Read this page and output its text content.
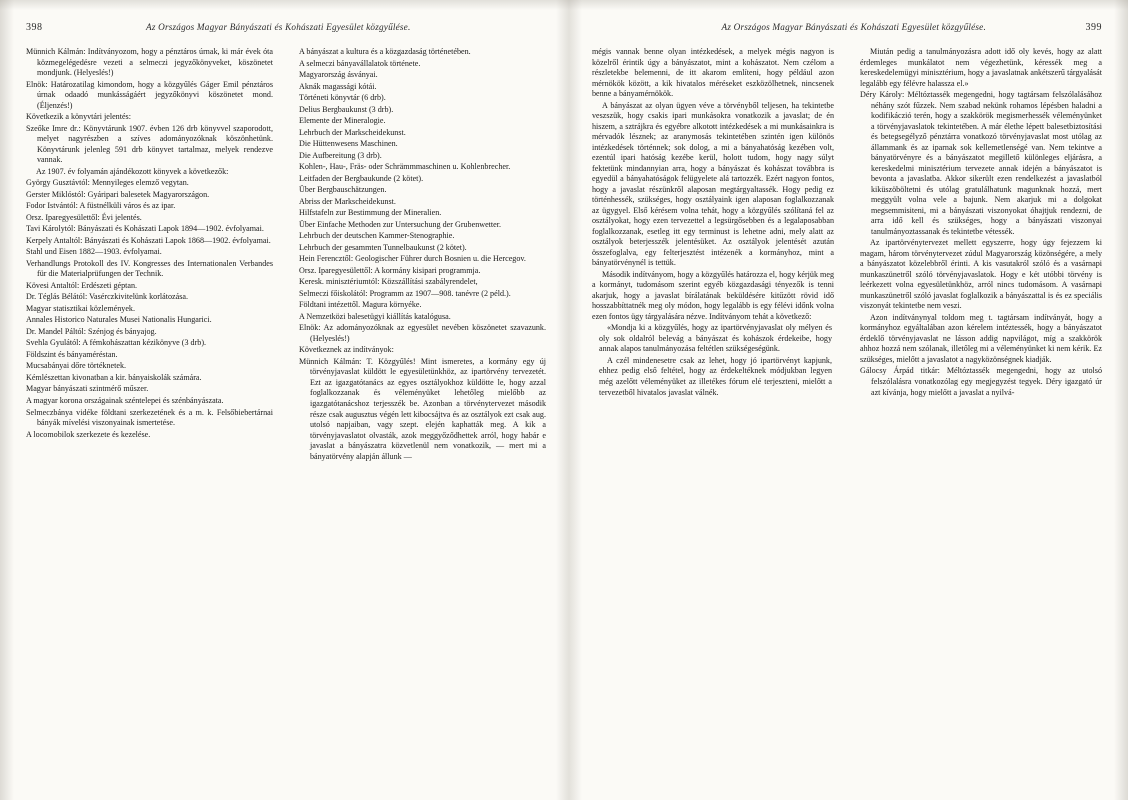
398	Az Országos Magyar Bányászati és Kohászati Egyesület közgyűlése.

Münnich Kálmán: Indítványozom, hogy a pénztáros úrnak, ki már évek óta közmegelégedésre vezeti a selmeczi jegyzőkönyveket, köszönetet mondjunk. (Helyeslés!)

Elnök: Határozatilag kimondom, hogy a közgyűlés Gáger Emil pénztáros úrnak odaadó munkásságáért jegyzőkönyvi köszönetet mond. (Éljenzés!)

Következik a könyvtári jelentés:

Szeőke Imre dr.: Könyvtárunk 1907. évben 126 drb könyvvel szaporodott, melyet nagyrészben a szíves adományozóknak köszönhetünk. Könyvtárunk jelenleg 591 drb könyvet tartalmaz, melyek rendezve vannak.

Az 1907. év folyamán ajándékozott könyvek a következők:

György Gusztávtól: Mennyileges elemző vegytan.

Gerster Miklóstól: Gyáripari balesetek Magyarországon.

Fodor Istvántól: A füstnélküli város és az ipar.

Orsz. Iparegyesülettől: Évi jelentés.

Tavi Károlytól: Bányászati és Kohászati Lapok 1894—1902. évfolyamai.

Kerpely Antaltól: Bányászati és Kohászati Lapok 1868—1902. évfolyamai.

Stahl und Eisen 1882—1903. évfolyamai.

Verhandlungs Protokoll des IV. Kongresses des Internationalen Verbandes für die Materialprüfungen der Technik.

Kövesi Antaltól: Erdészeti géptan.

Dr. Téglás Bélától: Vasérczkivitelünk korlátozása.

Magyar statisztikai közlemények.

Annales Historico Naturales Musei Nationalis Hungarici.

Dr. Mandel Páltól: Szénjog és bányajog.

Svehla Gyulától: A fémkohászattan kézikönyve (3 drb).

Földszint és bányaméréstan.

Mucsabányai dőre törtéknetek.

Kémlészettan kivonatban a kir. bányaiskolák számára.

Magyar bányászati szintmérő műszer.

A magyar korona országainak széntelepei és szénbányászata.

Selmeczbánya vidéke földtani szerkezetének és a m. k. Felsőbiebertárnai bányák mívelési viszonyainak ismertetése.

A locomobilok szerkezete és kezelése.

A bányászat a kultura és a közgazdaság történetében.

A selmeczi bányavállalatok története.

Magyarország ásványai.

Aknák magassági kótái.

Történeti könyvtár (6 drb).

Delius Bergbaukunst (3 drb).

Elemente der Mineralogie.

Lehrbuch der Markscheidekunst.

Die Hüttenwesens Maschinen.

Die Aufbereitung (3 drb).

Kohlen-, Hau-, Fräs- oder Schrämmmaschinen u. Kohlenbrecher.

Leitfaden der Bergbaukunde (2 kötet).

Über Bergbauschätzungen.

Abriss der Markscheidekunst.

Hilfstafeln zur Bestimmung der Mineralien.

Über Einfache Methoden zur Untersuchung der Grubenwetter.

Lehrbuch der deutschen Kammer-Stenographie.

Lehrbuch der gesammten Tunnelbaukunst (2 kötet).

Hein Ferencztől: Geologischer Führer durch Bosnien u. die Hercegov.

Orsz. Iparegyesülettől: A kormány kisipari programmja.

Keresk. minisztériumtól: Közszállítási szabályrendelet,

Selmeczi főiskolától: Programm az 1907—908. tanévre (2 péld.).

Földtani intézettől. Magura környéke.

A Nemzetközi balesetügyi kiállítás katalógusa.

Elnök: Az adományozóknak az egyesület nevében köszönetet szavazunk. (Helyeslés!)

Következnek az indítványok:

Münnich Kálmán: T. Közgyűlés! Mint ismeretes, a kormány egy új törvényjavaslat küldött le egyesületünkhöz, az ipartörvény tervezetét. Ezt az igazgatótanács az egyes osztályokhoz küldötte le, hogy azzal foglalkozzanak és véleményüket lehetőleg mielőbb az igazgatótanácshoz terjesszék be. Azonban a törvénytervezet második része csak augusztus végén lett kibocsájtva és az osztályok ezt csak aug. utolsó napjaiban, vagy szept. elején kaphatták meg. A kik a törvényjavaslatot olvasták, azok meggyőződhettek arról, hogy habár e javaslat a bányászatra közvetlenül nem vonatkozik, — mert mi a bányatörvény alapján állunk —

Az Országos Magyar Bányászati és Kohászati Egyesület közgyűlése.	399

mégis vannak benne olyan intézkedések, a melyek mégis nagyon is közelről érintik úgy a bányászatot, mint a kohászatot. Nem czélom a részletekbe belemenni, de itt akarom említeni, hogy például azon mérnökök között, a kik hivatalos méréseket eszközölhetnek, nincsenek benne a bányamérnökök.

A bányászat az olyan ügyen véve a törvényből teljesen, ha tekintetbe veszszük, hogy csakis ipari munkásokra vonatkozik a javaslat; de én hiszem, a sztrájkra és egyébre alkotott intézkedések a mi munkásainkra is mérvadók lésznek; az aranymosás tekintetében szintén igen különös intézkedések történnek; sok dolog, a mi a bányahatóság kezében volt, ezentúl ipari hatóság kezébe kerül, holott tudom, hogy nagy súlyt fektetünk mindannyian arra, hogy a bányászat és kohászat továbbra is egyedül a bányahatóságok felügyelete alá tartozzék. Ezért nagyon fontos, hogy a javaslat részünkről alaposan megtárgyaltassék. Hogy pedig ez történhessék, szükséges, hogy osztályaink igen alaposan foglalkozzanak az ügygyel. Első kérésem volna tehát, hogy a közgyűlés szólítaná fel az osztályokat, hogy ezen tervezettel a legsürgősebben és a legalaposabban foglalkozzanak, esetleg itt egy terminust is lehetne adni, mely alatt az osztályok beterjesszék jelentésüket. Az osztályok jelentését azután összefoglalva, egy felterjesztést intézenék a kormányhoz, mint a bányatörvénynél is tettük.

Második indítványom, hogy a közgyűlés határozza el, hogy kérjük meg a kormányt, tudomásom szerint egyéb közgazdasági tényezők is tenni akarjuk, hogy a javaslat bírálatának beküldésére kitűzött rövid idő hosszabbíttatnék meg oly módon, hogy legalább is egy félévi időnk volna ezen fontos ügy tárgyalására nézve. Indítványom tehát a következő:

«Mondja ki a közgyűlés, hogy az ipartörvényjavaslat oly mélyen és oly sok oldalról belevág a bányászat és kohászok érdekeibe, hogy annak alapos tanulmányozása feltétlen szükségeségünk.

A czél mindenesetre csak az lehet, hogy jó ipartörvényt kapjunk, ehhez pedig első feltétel, hogy az érdekeltéknek módjukban legyen még azelőtt véleményüket az illetékes fórum elé terjeszteni, mielőtt a tervezetből hivatalos javaslat válnék.

Miután pedig a tanulmányozásra adott idő oly kevés, hogy az alatt érdemleges munkálatot nem végezhetünk, kéressék meg a kereskedelemügyi minisztérium, hogy a javaslatnak ankétszerű tárgyalását legalább egy félévre halassza el.»

Déry Károly: Méltóztassék megengedni, hogy tagtársam felszólalásához néhány szót fűzzek. Nem szabad nekünk rohamos lépésben haladni a kodifikáczió terén, hogy a szakkörök megismerhessék véleményünket a törvényjavaslatok tekintetében. A már élethe lépett balesetbiztosítási és betegsegélyző pénztárra vonatkozó törvényjavaslat most utólag az állammank és az iparnak sok kellemetlenségé van. Nem tekintve a bányatörvényre és a bányászatot megillető különleges eljárásra, a kereskedelmi minisztérium tervezete annak idején a bányászatot is bevonta a javaslatba. Akkor sikerült ezen rendelkezést a javaslatból kiküszöböltetni és utólag gratulálhatunk magunknak hozzá, mert meggyült volna vele a bajunk. Nem akarjuk mi a dolgokat megsemmisiteni, mi a bányászati viszonyokat óhajtjuk rendezni, de arra idő kell és szükséges, hogy a bányászati viszonyai tanulmányoztassanak és tekintetbe vétessék.

Az ipartörvénytervezet mellett egyszerre, hogy úgy fejezzem ki magam, három törvénytervezet zúdul Magyarország közönségére, a mely a bányászatot közelebbről érinti. A kis vasutakról szóló és a vasárnapi munkaszünetről szóló törvényjavaslatok. Hogy e két utóbbi törvény is leérkezett volna egyesületünkhöz, arról nincs tudomásom. A vasárnapi munkaszünetről szóló javaslat foglalkozik a bányászattal is és ez speciális viszonyát tekintetbe nem veszi.

Azon indítványnyal toldom meg t. tagtársam indítványát, hogy a kormányhoz egyáltalában azon kérelem intéztessék, hogy a bányászatot érdeklő törvényjavaslat ne lásson addig napvilágot, míg a szakkörök ahhoz hozzá nem szólanak, illetőleg mi a véleményünket ki nem kérik. Ez szükséges, mielőtt a javaslatot a nagyközönségnek kiadják.

Gálocsy Árpád titkár: Méltóztassék megengedni, hogy az utolsó felszólalásra vonatkozólag egy megjegyzést tegyek. Déry igazgató úr azt kívánja, hogy mielőtt a javaslat a nyilvá-
